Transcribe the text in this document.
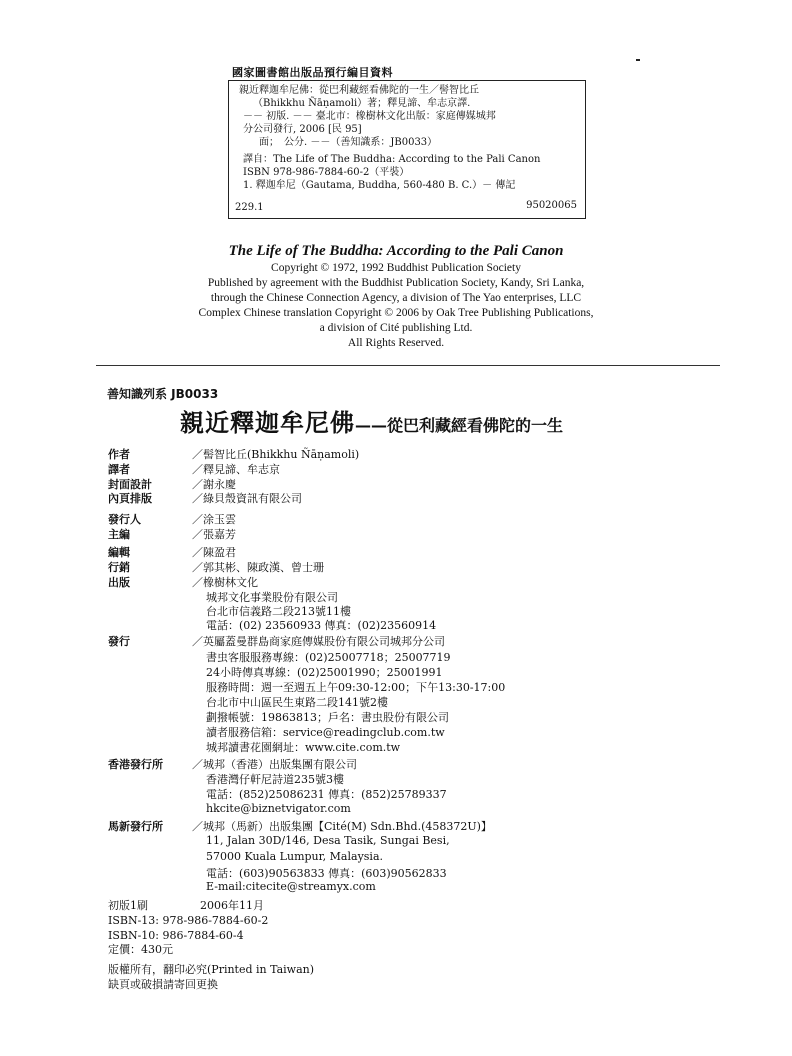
國家圖書館出版品預行編目資料
親近釋迦牟尼佛：從巴利藏經看佛陀的一生／髻智比丘
（Bhikkhu Ñāṇamoli）著；釋見諦、牟志京譯.
－－ 初版. －－ 臺北市：橡樹林文化出版：家庭傳媒城邦
分公司發行, 2006 [民 95]
面；　公分. －－（善知識系：JB0033）
譯自：The Life of The Buddha: According to the Pali Canon
ISBN 978-986-7884-60-2（平裝）
1. 釋迦牟尼（Gautama, Buddha, 560-480 B. C.）－ 傳記
229.1	95020065
The Life of The Buddha: According to the Pali Canon
Copyright © 1972, 1992 Buddhist Publication Society
Published by agreement with the Buddhist Publication Society, Kandy, Sri Lanka,
through the Chinese Connection Agency, a division of The Yao enterprises, LLC
Complex Chinese translation Copyright © 2006 by Oak Tree Publishing Publications,
a division of Cité publishing Ltd.
All Rights Reserved.
善知識列系 JB0033
親近釋迦牟尼佛——從巴利藏經看佛陀的一生
作者	／髻智比丘(Bhikkhu Ñāṇamoli)
譯者	／釋見諦、牟志京
封面設計	／謝永慶
內頁排版	／綠貝殼資訊有限公司
發行人	／涂玉雲
主編	／張嘉芳
編輯	／陳盈君
行銷	／郭其彬、陳政漢、曾士珊
出版	／橡樹林文化
城邦文化事業股份有限公司
台北市信義路二段213號11樓
電話：(02) 23560933 傳真：(02)23560914
發行	／英屬蓋曼群島商家庭傳媒股份有限公司城邦分公司
書虫客服服務專線：(02)25007718；25007719
24小時傳真專線：(02)25001990；25001991
服務時間：週一至週五上午09:30-12:00；下午13:30-17:00
台北市中山區民生東路二段141號2樓
劃撥帳號：19863813；戶名：書虫股份有限公司
讀者服務信箱：service@readingclub.com.tw
城邦讀書花園網址：www.cite.com.tw
香港發行所	／城邦（香港）出版集團有限公司
香港灣仔軒尼詩道235號3樓
電話：(852)25086231 傳真：(852)25789337
hkcite@biznetvigator.com
馬新發行所	／城邦（馬新）出版集團【Cité(M) Sdn.Bhd.(458372U)】
11, Jalan 30D/146, Desa Tasik, Sungai Besi,
57000 Kuala Lumpur, Malaysia.
電話：(603)90563833 傳真：(603)90562833
E-mail:citecite@streamyx.com
初版1刷	2006年11月
ISBN-13: 978-986-7884-60-2
ISBN-10: 986-7884-60-4
定價：430元
版權所有，翻印必究(Printed in Taiwan)
缺頁或破損請寄回更換
